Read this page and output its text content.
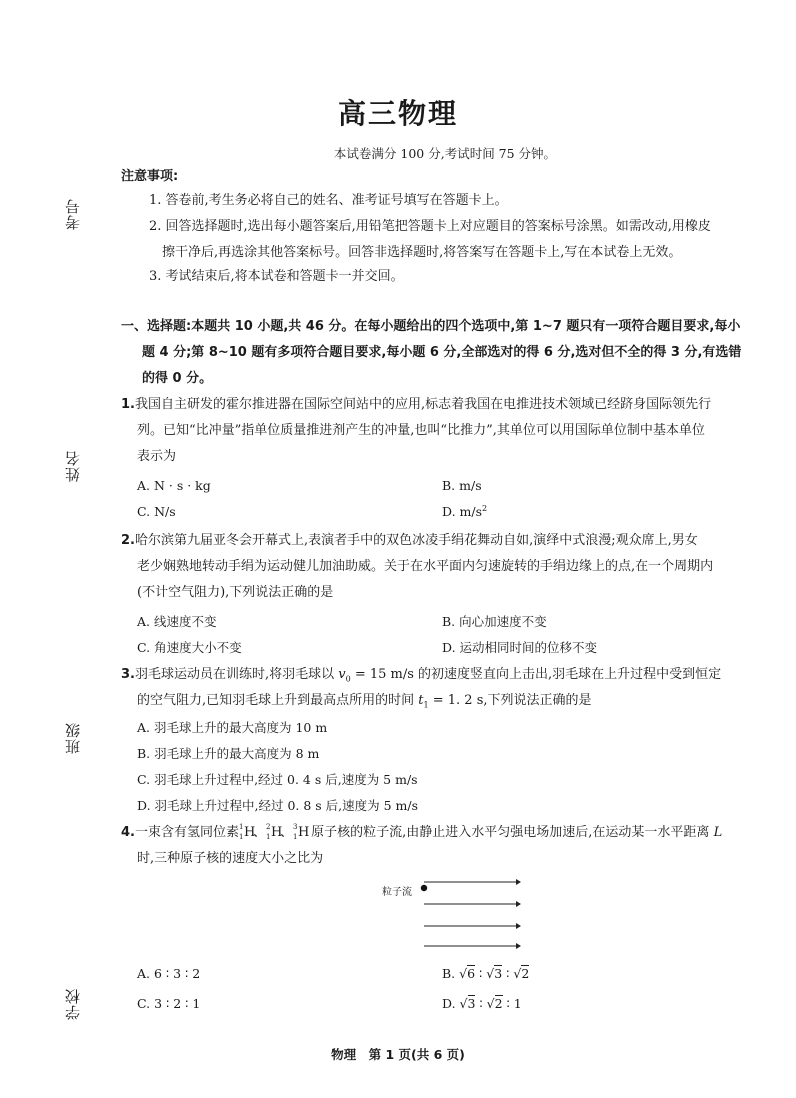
考号
姓名
班级
学校
高三物理
本试卷满分 100 分,考试时间 75 分钟。
注意事项:
1. 答卷前,考生务必将自己的姓名、准考证号填写在答题卡上。
2. 回答选择题时,选出每小题答案后,用铅笔把答题卡上对应题目的答案标号涂黑。如需改动,用橡皮
擦干净后,再选涂其他答案标号。回答非选择题时,将答案写在答题卡上,写在本试卷上无效。
3. 考试结束后,将本试卷和答题卡一并交回。
一、选择题:本题共 10 小题,共 46 分。在每小题给出的四个选项中,第 1~7 题只有一项符合题目要求,每小
题 4 分;第 8~10 题有多项符合题目要求,每小题 6 分,全部选对的得 6 分,选对但不全的得 3 分,有选错
的得 0 分。
1.我国自主研发的霍尔推进器在国际空间站中的应用,标志着我国在电推进技术领域已经跻身国际领先行
列。已知“比冲量”指单位质量推进剂产生的冲量,也叫“比推力”,其单位可以用国际单位制中基本单位
表示为
A. N · s · kg	B. m/s
C. N/s	D. $m/s^2$
2.哈尔滨第九届亚冬会开幕式上,表演者手中的双色冰凌手绢花舞动自如,演绎中式浪漫;观众席上,男女
老少娴熟地转动手绢为运动健儿加油助威。关于在水平面内匀速旋转的手绢边缘上的点,在一个周期内
(不计空气阻力),下列说法正确的是
A. 线速度不变	B. 向心加速度不变
C. 角速度大小不变	D. 运动相同时间的位移不变
3.羽毛球运动员在训练时,将羽毛球以 $v_0 = 15$ m/s 的初速度竖直向上击出,羽毛球在上升过程中受到恒定
的空气阻力,已知羽毛球上升到最高点所用的时间 $t_1 = 1$. 2 s,下列说法正确的是
A. 羽毛球上升的最大高度为 10 m
B. 羽毛球上升的最大高度为 8 m
C. 羽毛球上升过程中,经过 0. 4 s 后,速度为 5 m/s
D. 羽毛球上升过程中,经过 0. 8 s 后,速度为 5 m/s
4.一束含有氢同位素 1
1 H、 2
1 H、 3
1 H 原子核的粒子流,由静止进入水平匀强电场加速后,在运动某一水平距离 L
时,三种原子核的速度大小之比为
粒子流
A. 6 ∶ 3 ∶ 2	B. √6 ∶ √3 ∶ √2
C. 3 ∶ 2 ∶ 1	D. √3 ∶ √2 ∶ 1
物理　第 1 页(共 6 页)
